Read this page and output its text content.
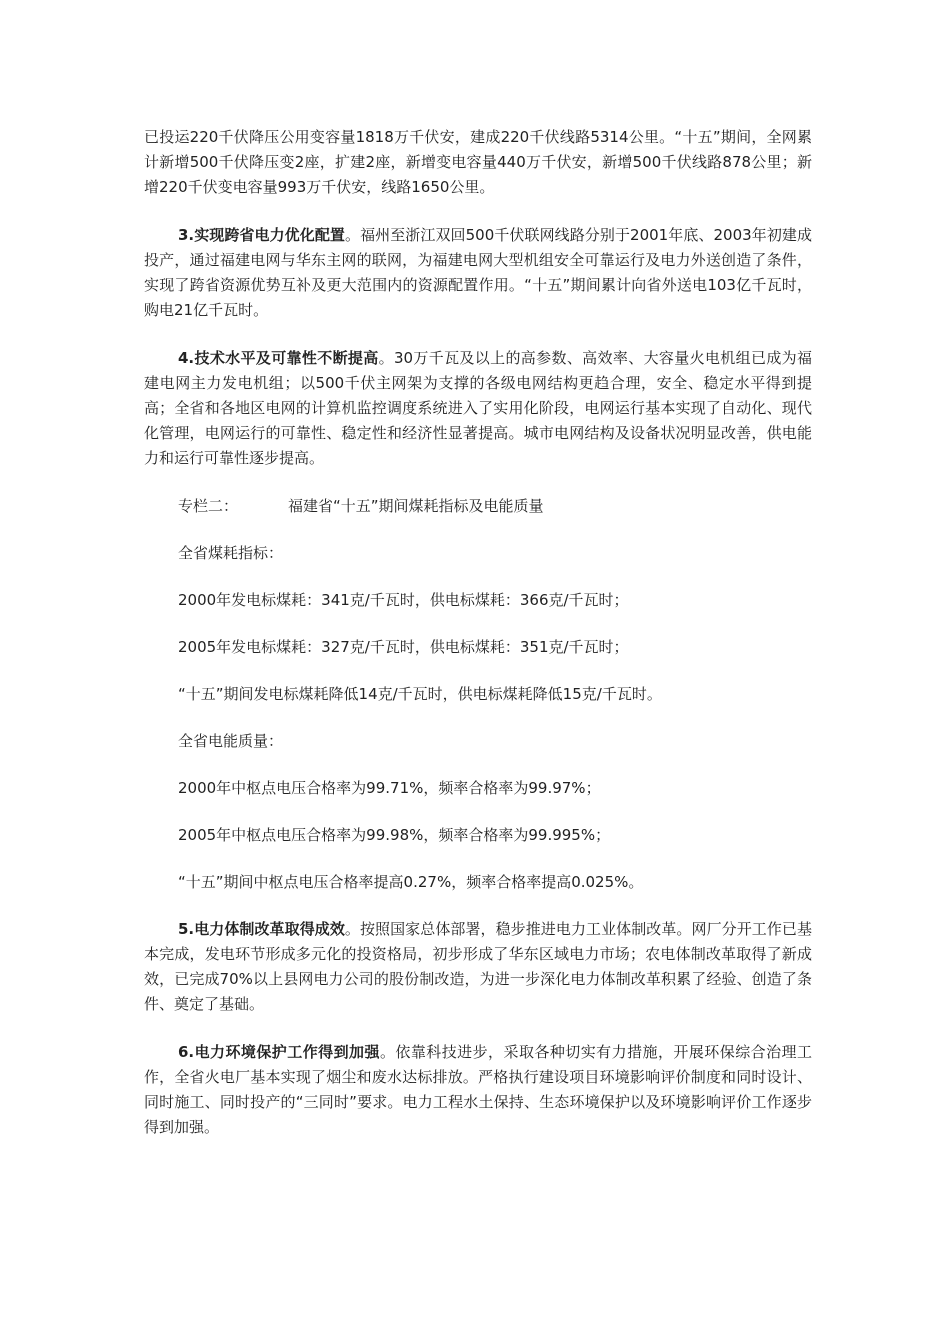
已投运220千伏降压公用变容量1818万千伏安，建成220千伏线路5314公里。“十五”期间，全网累计新增500千伏降压变2座，扩建2座，新增变电容量440万千伏安，新增500千伏线路878公里；新增220千伏变电容量993万千伏安，线路1650公里。

3.实现跨省电力优化配置。福州至浙江双回500千伏联网线路分别于2001年底、2003年初建成投产，通过福建电网与华东主网的联网，为福建电网大型机组安全可靠运行及电力外送创造了条件，实现了跨省资源优势互补及更大范围内的资源配置作用。“十五”期间累计向省外送电103亿千瓦时，购电21亿千瓦时。

4.技术水平及可靠性不断提高。30万千瓦及以上的高参数、高效率、大容量火电机组已成为福建电网主力发电机组；以500千伏主网架为支撑的各级电网结构更趋合理，安全、稳定水平得到提高；全省和各地区电网的计算机监控调度系统进入了实用化阶段，电网运行基本实现了自动化、现代化管理，电网运行的可靠性、稳定性和经济性显著提高。城市电网结构及设备状况明显改善，供电能力和运行可靠性逐步提高。

专栏二：	福建省“十五”期间煤耗指标及电能质量
全省煤耗指标：
2000年发电标煤耗：341克/千瓦时，供电标煤耗：366克/千瓦时；
2005年发电标煤耗：327克/千瓦时，供电标煤耗：351克/千瓦时；
“十五”期间发电标煤耗降低14克/千瓦时，供电标煤耗降低15克/千瓦时。
全省电能质量：
2000年中枢点电压合格率为99.71%，频率合格率为99.97%；
2005年中枢点电压合格率为99.98%，频率合格率为99.995%；
“十五”期间中枢点电压合格率提高0.27%，频率合格率提高0.025%。

5.电力体制改革取得成效。按照国家总体部署，稳步推进电力工业体制改革。网厂分开工作已基本完成，发电环节形成多元化的投资格局，初步形成了华东区域电力市场；农电体制改革取得了新成效，已完成70%以上县网电力公司的股份制改造，为进一步深化电力体制改革积累了经验、创造了条件、奠定了基础。

6.电力环境保护工作得到加强。依靠科技进步，采取各种切实有力措施，开展环保综合治理工作，全省火电厂基本实现了烟尘和废水达标排放。严格执行建设项目环境影响评价制度和同时设计、同时施工、同时投产的“三同时”要求。电力工程水土保持、生态环境保护以及环境影响评价工作逐步得到加强。
